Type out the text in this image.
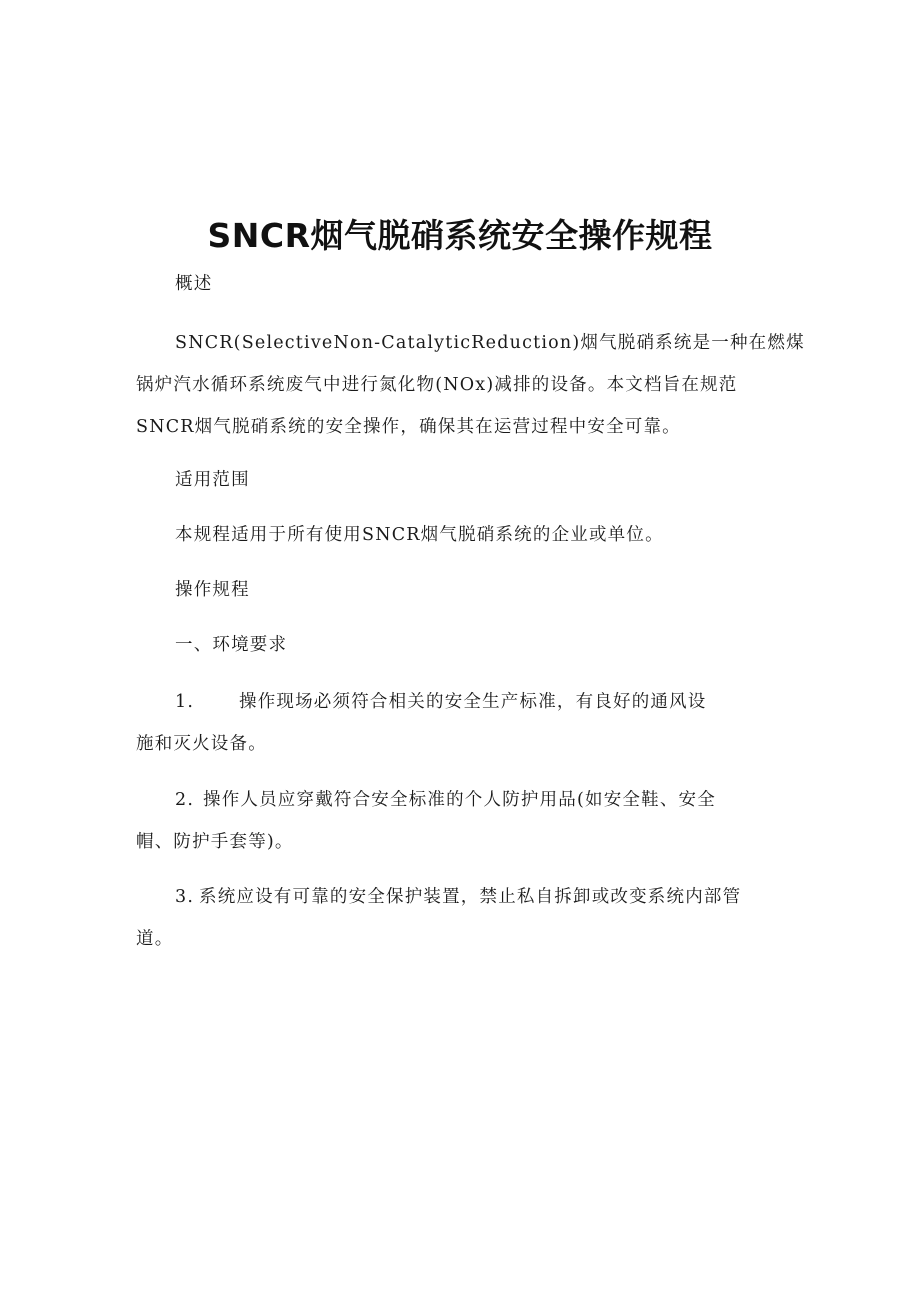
SNCR烟气脱硝系统安全操作规程
概述
SNCR(SelectiveNon-CatalyticReduction)烟气脱硝系统是一种在燃煤
锅炉汽水循环系统废气中进行氮化物(NOx)减排的设备。本文档旨在规范
SNCR烟气脱硝系统的安全操作，确保其在运营过程中安全可靠。
适用范围
本规程适用于所有使用SNCR烟气脱硝系统的企业或单位。
操作规程
一、环境要求
1.	操作现场必须符合相关的安全生产标准，有良好的通风设
施和灭火设备。
2. 操作人员应穿戴符合安全标准的个人防护用品(如安全鞋、安全
帽、防护手套等)。
3. 系统应设有可靠的安全保护装置，禁止私自拆卸或改变系统内部管
道。
